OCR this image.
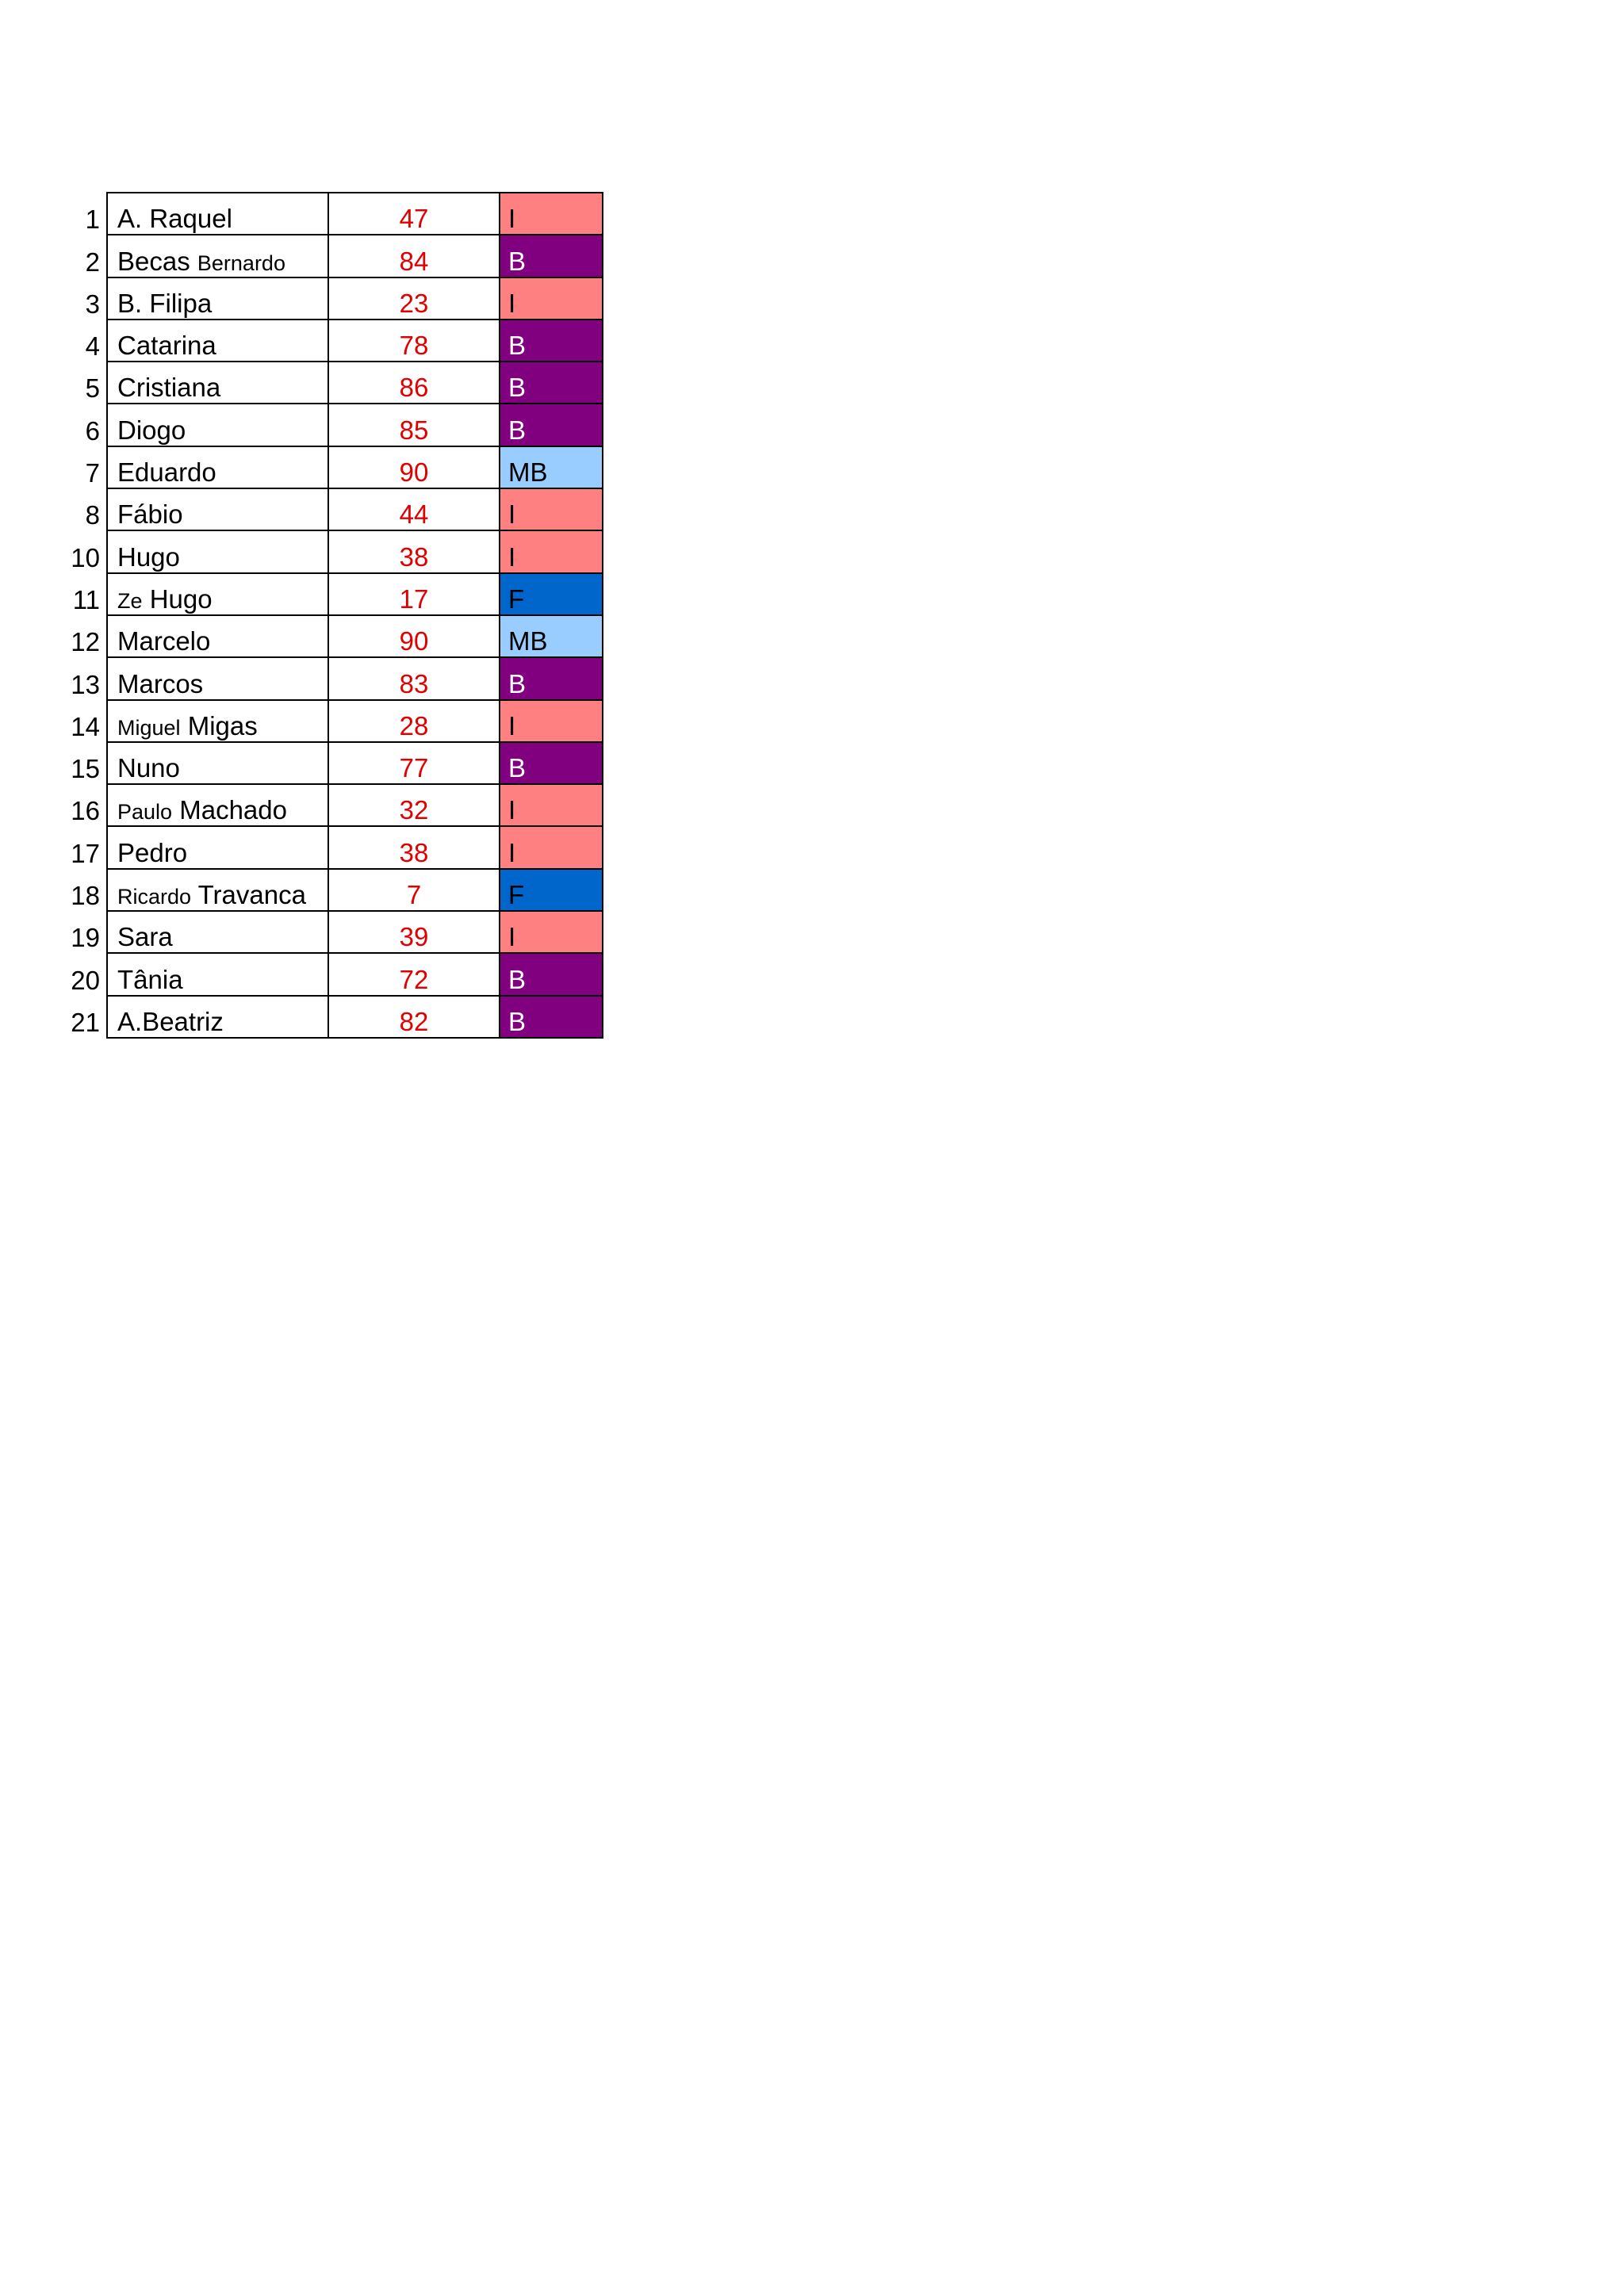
1	A. Raquel	47	I
2	Becas Bernardo	84	B
3	B. Filipa	23	I
4	Catarina	78	B
5	Cristiana	86	B
6	Diogo	85	B
7	Eduardo	90	MB
8	Fábio	44	I
10	Hugo	38	I
11	Ze Hugo	17	F
12	Marcelo	90	MB
13	Marcos	83	B
14	Miguel Migas	28	I
15	Nuno	77	B
16	Paulo Machado	32	I
17	Pedro	38	I
18	Ricardo Travanca	7	F
19	Sara	39	I
20	Tânia	72	B
21	A.Beatriz	82	B
